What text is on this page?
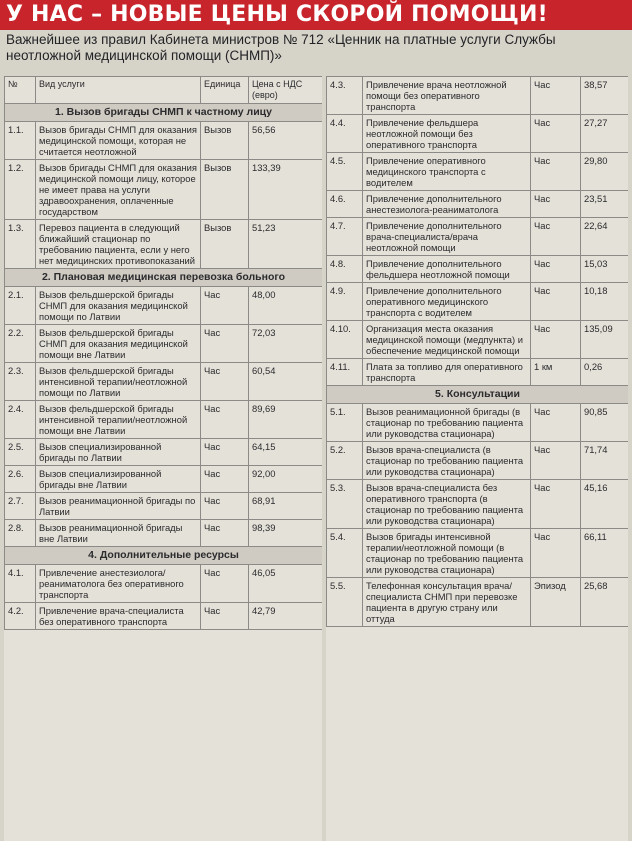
У НАС – НОВЫЕ ЦЕНЫ СКОРОЙ ПОМОЩИ!
Важнейшее из правил Кабинета министров № 712 «Ценник на платные услуги Службы неотложной медицинской помощи (СНМП)»
№	Вид услуги	Единица	Цена с НДС (евро)
1. Вызов бригады СНМП к частному лицу			
1.1.	Вызов бригады СНМП для оказания медицинской помощи, которая не считается неотложной	Вызов	56,56
1.2.	Вызов бригады СНМП для оказания медицинской помощи лицу, которое не имеет права на услуги здравоохранения, оплаченные государством	Вызов	133,39
1.3.	Перевоз пациента в следующий ближайший стационар по требованию пациента, если у него нет медицинских противопоказаний	Вызов	51,23
2. Плановая медицинская перевозка больного			
2.1.	Вызов фельдшерской бригады СНМП для оказания медицинской помощи по Латвии	Час	48,00
2.2.	Вызов фельдшерской бригады СНМП для оказания медицинской помощи вне Латвии	Час	72,03
2.3.	Вызов фельдшерской бригады интенсивной терапии/неотложной помощи по Латвии	Час	60,54
2.4.	Вызов фельдшерской бригады интенсивной терапии/неотложной помощи вне Латвии	Час	89,69
2.5.	Вызов специализированной бригады по Латвии	Час	64,15
2.6.	Вызов специализированной бригады вне Латвии	Час	92,00
2.7.	Вызов реанимационной бригады по Латвии	Час	68,91
2.8.	Вызов реанимационной бригады вне Латвии	Час	98,39
4. Дополнительные ресурсы			
4.1.	Привлечение анестезиолога/реаниматолога без оперативного транспорта	Час	46,05
4.2.	Привлечение врача-специалиста без оперативного транспорта	Час	42,79
4.3.	Привлечение врача неотложной помощи без оперативного транспорта	Час	38,57
4.4.	Привлечение фельдшера неотложной помощи без оперативного транспорта	Час	27,27
4.5.	Привлечение оперативного медицинского транспорта с водителем	Час	29,80
4.6.	Привлечение дополнительного анестезиолога-реаниматолога	Час	23,51
4.7.	Привлечение дополнительного врача-специалиста/врача неотложной помощи	Час	22,64
4.8.	Привлечение дополнительного фельдшера неотложной помощи	Час	15,03
4.9.	Привлечение дополнительного оперативного медицинского транспорта с водителем	Час	10,18
4.10.	Организация места оказания медицинской помощи (медпункта) и обеспечение медицинской помощи	Час	135,09
4.11.	Плата за топливо для оперативного транспорта	1 км	0,26
5. Консультации			
5.1.	Вызов реанимационной бригады (в стационар по требованию пациента или руководства стационара)	Час	90,85
5.2.	Вызов врача-специалиста (в стационар по требованию пациента или руководства стационара)	Час	71,74
5.3.	Вызов врача-специалиста без оперативного транспорта (в стационар по требованию пациента или руководства стационара)	Час	45,16
5.4.	Вызов бригады интенсивной терапии/неотложной помощи (в стационар по требованию пациента или руководства стационара)	Час	66,11
5.5.	Телефонная консультация врача/специалиста СНМП при перевозке пациента в другую страну или оттуда	Эпизод	25,68
